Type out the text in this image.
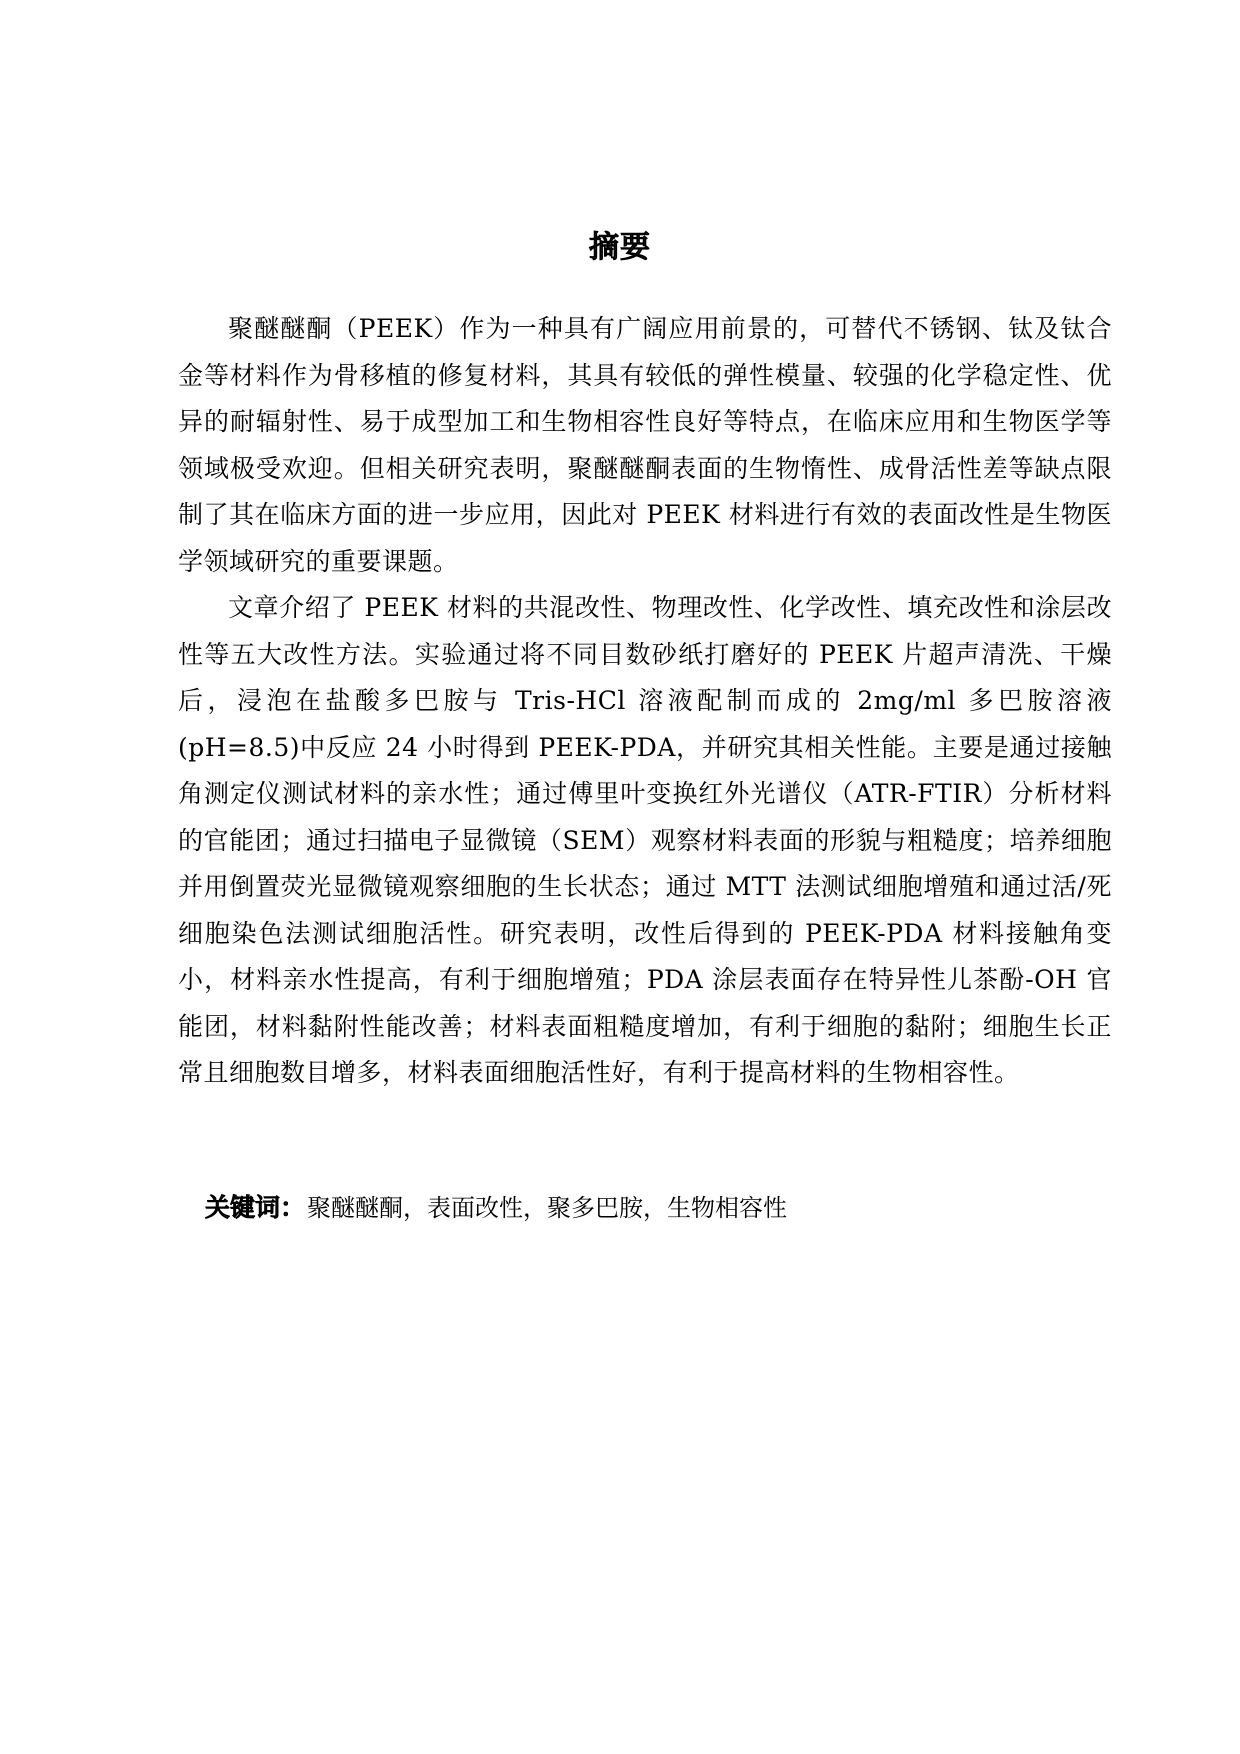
摘要

聚醚醚酮（PEEK）作为一种具有广阔应用前景的，可替代不锈钢、钛及钛合金等材料作为骨移植的修复材料，其具有较低的弹性模量、较强的化学稳定性、优异的耐辐射性、易于成型加工和生物相容性良好等特点，在临床应用和生物医学等领域极受欢迎。但相关研究表明，聚醚醚酮表面的生物惰性、成骨活性差等缺点限制了其在临床方面的进一步应用，因此对 PEEK 材料进行有效的表面改性是生物医学领域研究的重要课题。

文章介绍了 PEEK 材料的共混改性、物理改性、化学改性、填充改性和涂层改性等五大改性方法。实验通过将不同目数砂纸打磨好的 PEEK 片超声清洗、干燥后，浸泡在盐酸多巴胺与 Tris-HCl 溶液配制而成的 2mg/ml 多巴胺溶液(pH=8.5)中反应 24 小时得到 PEEK-PDA，并研究其相关性能。主要是通过接触角测定仪测试材料的亲水性；通过傅里叶变换红外光谱仪（ATR-FTIR）分析材料的官能团；通过扫描电子显微镜（SEM）观察材料表面的形貌与粗糙度；培养细胞并用倒置荧光显微镜观察细胞的生长状态；通过 MTT 法测试细胞增殖和通过活/死细胞染色法测试细胞活性。研究表明，改性后得到的 PEEK-PDA 材料接触角变小，材料亲水性提高，有利于细胞增殖；PDA 涂层表面存在特异性儿茶酚-OH 官能团，材料黏附性能改善；材料表面粗糙度增加，有利于细胞的黏附；细胞生长正常且细胞数目增多，材料表面细胞活性好，有利于提高材料的生物相容性。

关键词：聚醚醚酮，表面改性，聚多巴胺，生物相容性
